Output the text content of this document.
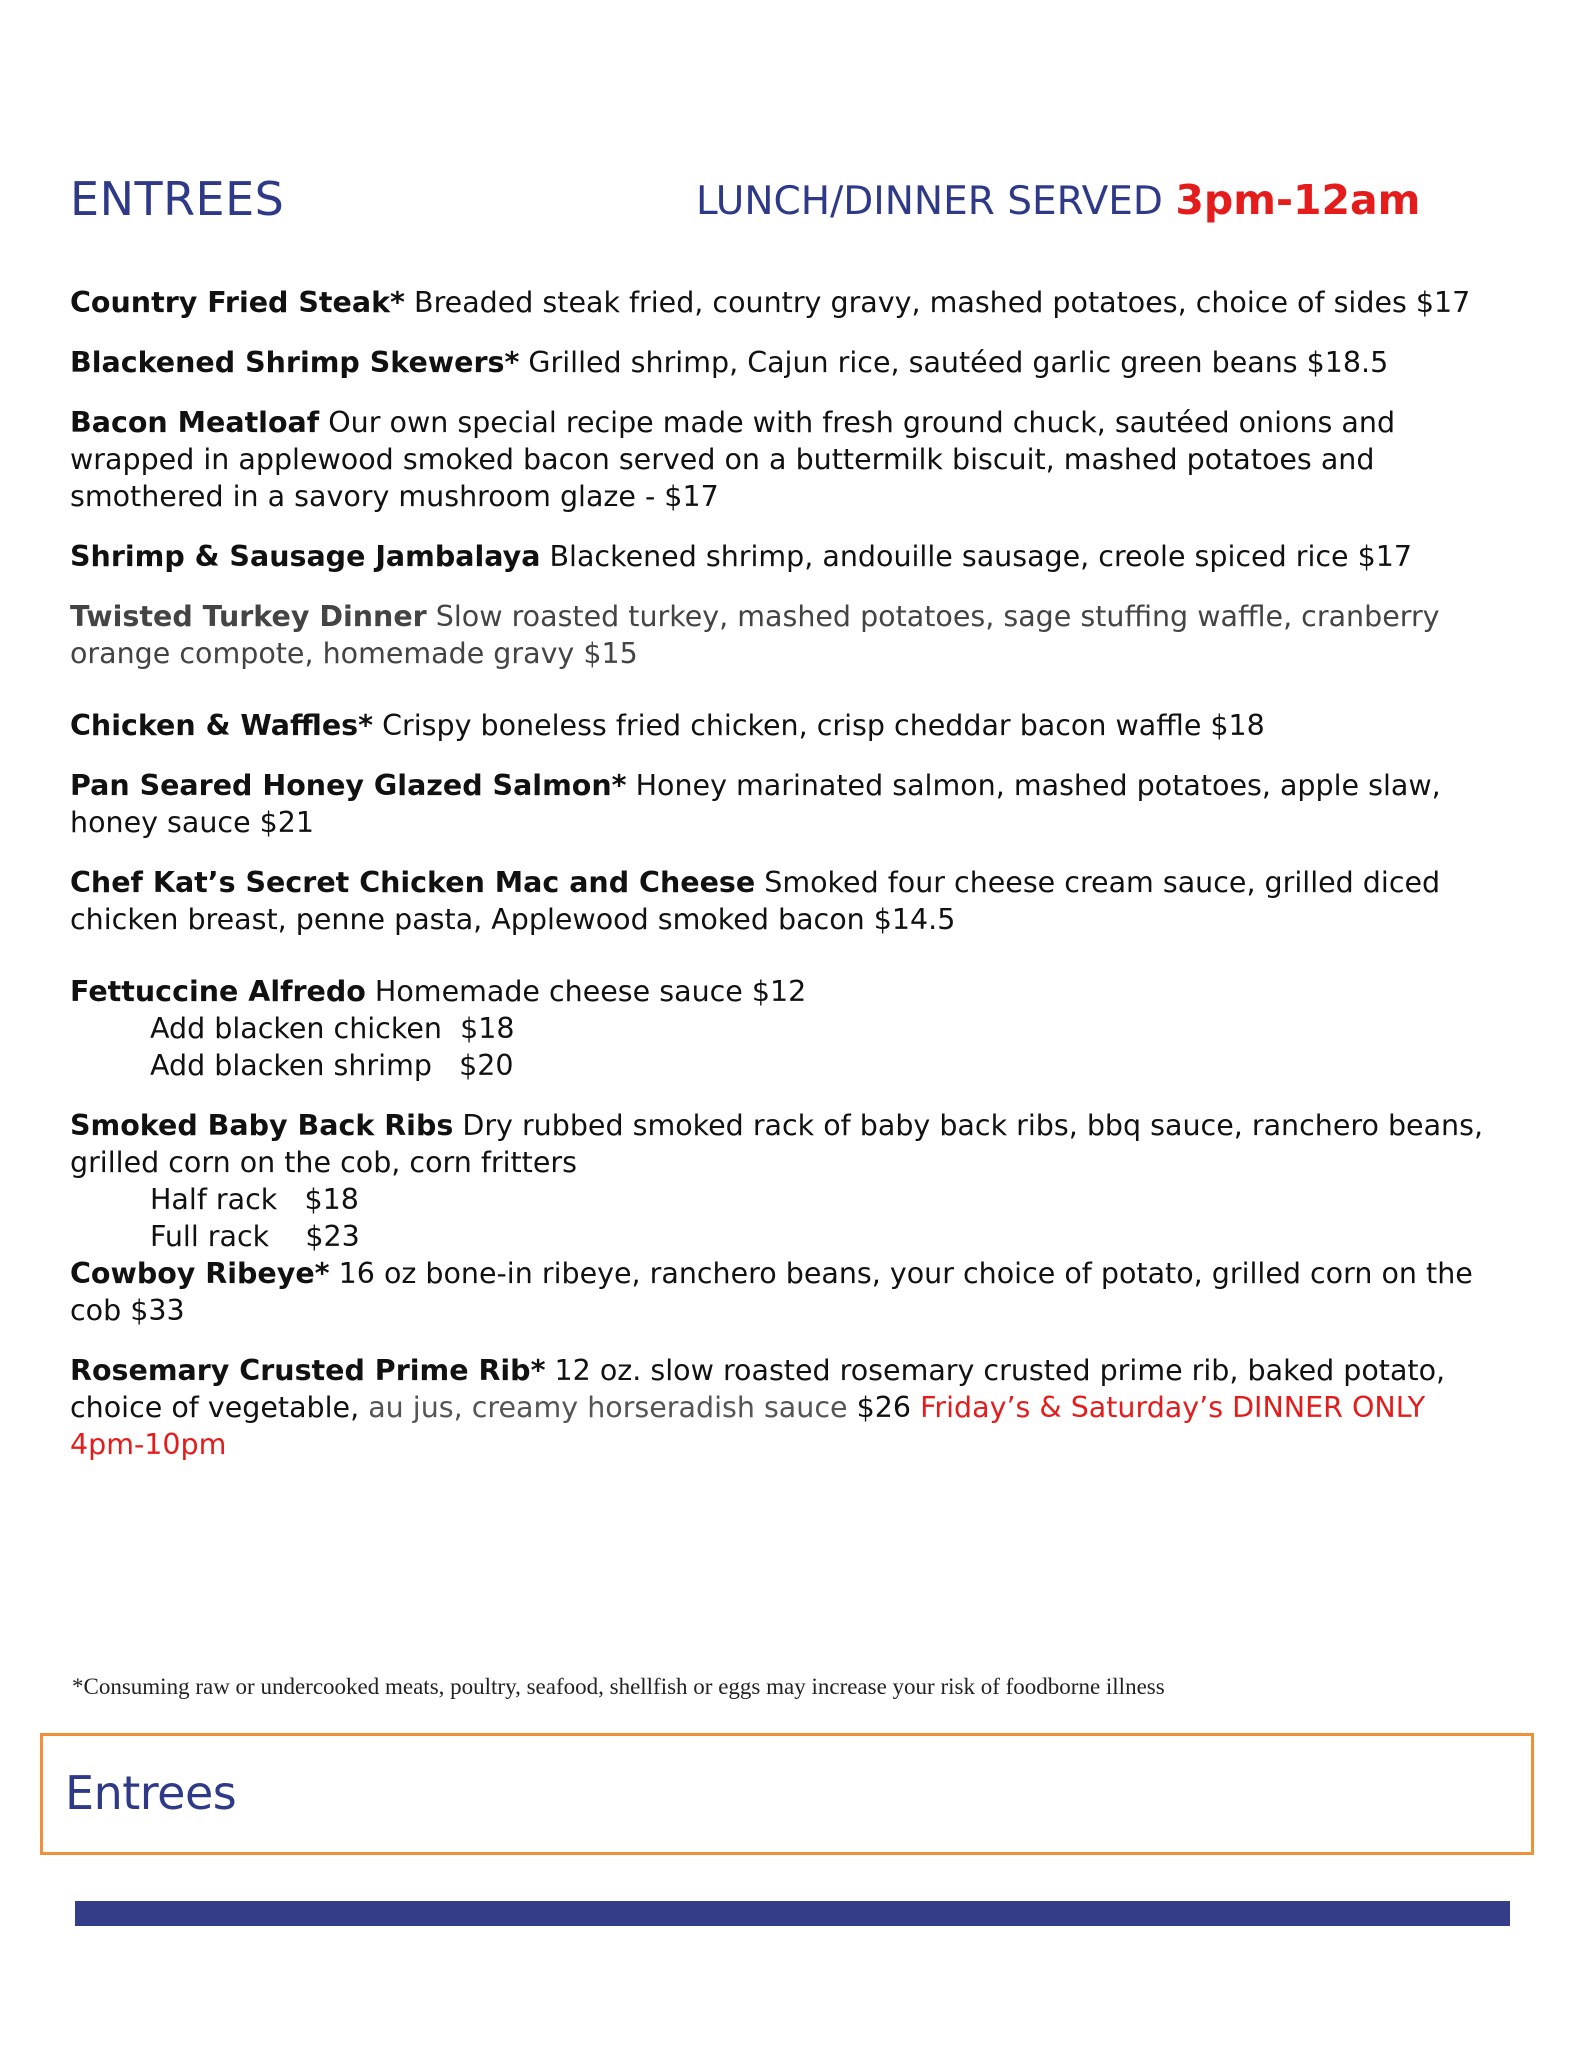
ENTREES	LUNCH/DINNER SERVED 3pm-12am
Country Fried Steak* Breaded steak fried, country gravy, mashed potatoes, choice of sides $17
Blackened Shrimp Skewers* Grilled shrimp, Cajun rice, sautéed garlic green beans $18.5
Bacon Meatloaf Our own special recipe made with fresh ground chuck, sautéed onions and wrapped in applewood smoked bacon served on a buttermilk biscuit, mashed potatoes and smothered in a savory mushroom glaze - $17
Shrimp & Sausage Jambalaya Blackened shrimp, andouille sausage, creole spiced rice $17
Twisted Turkey Dinner Slow roasted turkey, mashed potatoes, sage stuffing waffle, cranberry orange compote, homemade gravy $15
Chicken & Waffles* Crispy boneless fried chicken, crisp cheddar bacon waffle $18
Pan Seared Honey Glazed Salmon* Honey marinated salmon, mashed potatoes, apple slaw, honey sauce $21
Chef Kat’s Secret Chicken Mac and Cheese Smoked four cheese cream sauce, grilled diced chicken breast, penne pasta, Applewood smoked bacon $14.5
Fettuccine Alfredo Homemade cheese sauce $12
Add blacken chicken  $18
Add blacken shrimp   $20
Smoked Baby Back Ribs Dry rubbed smoked rack of baby back ribs, bbq sauce, ranchero beans, grilled corn on the cob, corn fritters
Half rack   $18
Full rack    $23
Cowboy Ribeye* 16 oz bone-in ribeye, ranchero beans, your choice of potato, grilled corn on the cob $33
Rosemary Crusted Prime Rib* 12 oz. slow roasted rosemary crusted prime rib, baked potato, choice of vegetable, au jus, creamy horseradish sauce $26 Friday’s & Saturday’s DINNER ONLY 4pm-10pm
*Consuming raw or undercooked meats, poultry, seafood, shellfish or eggs may increase your risk of foodborne illness
Entrees
